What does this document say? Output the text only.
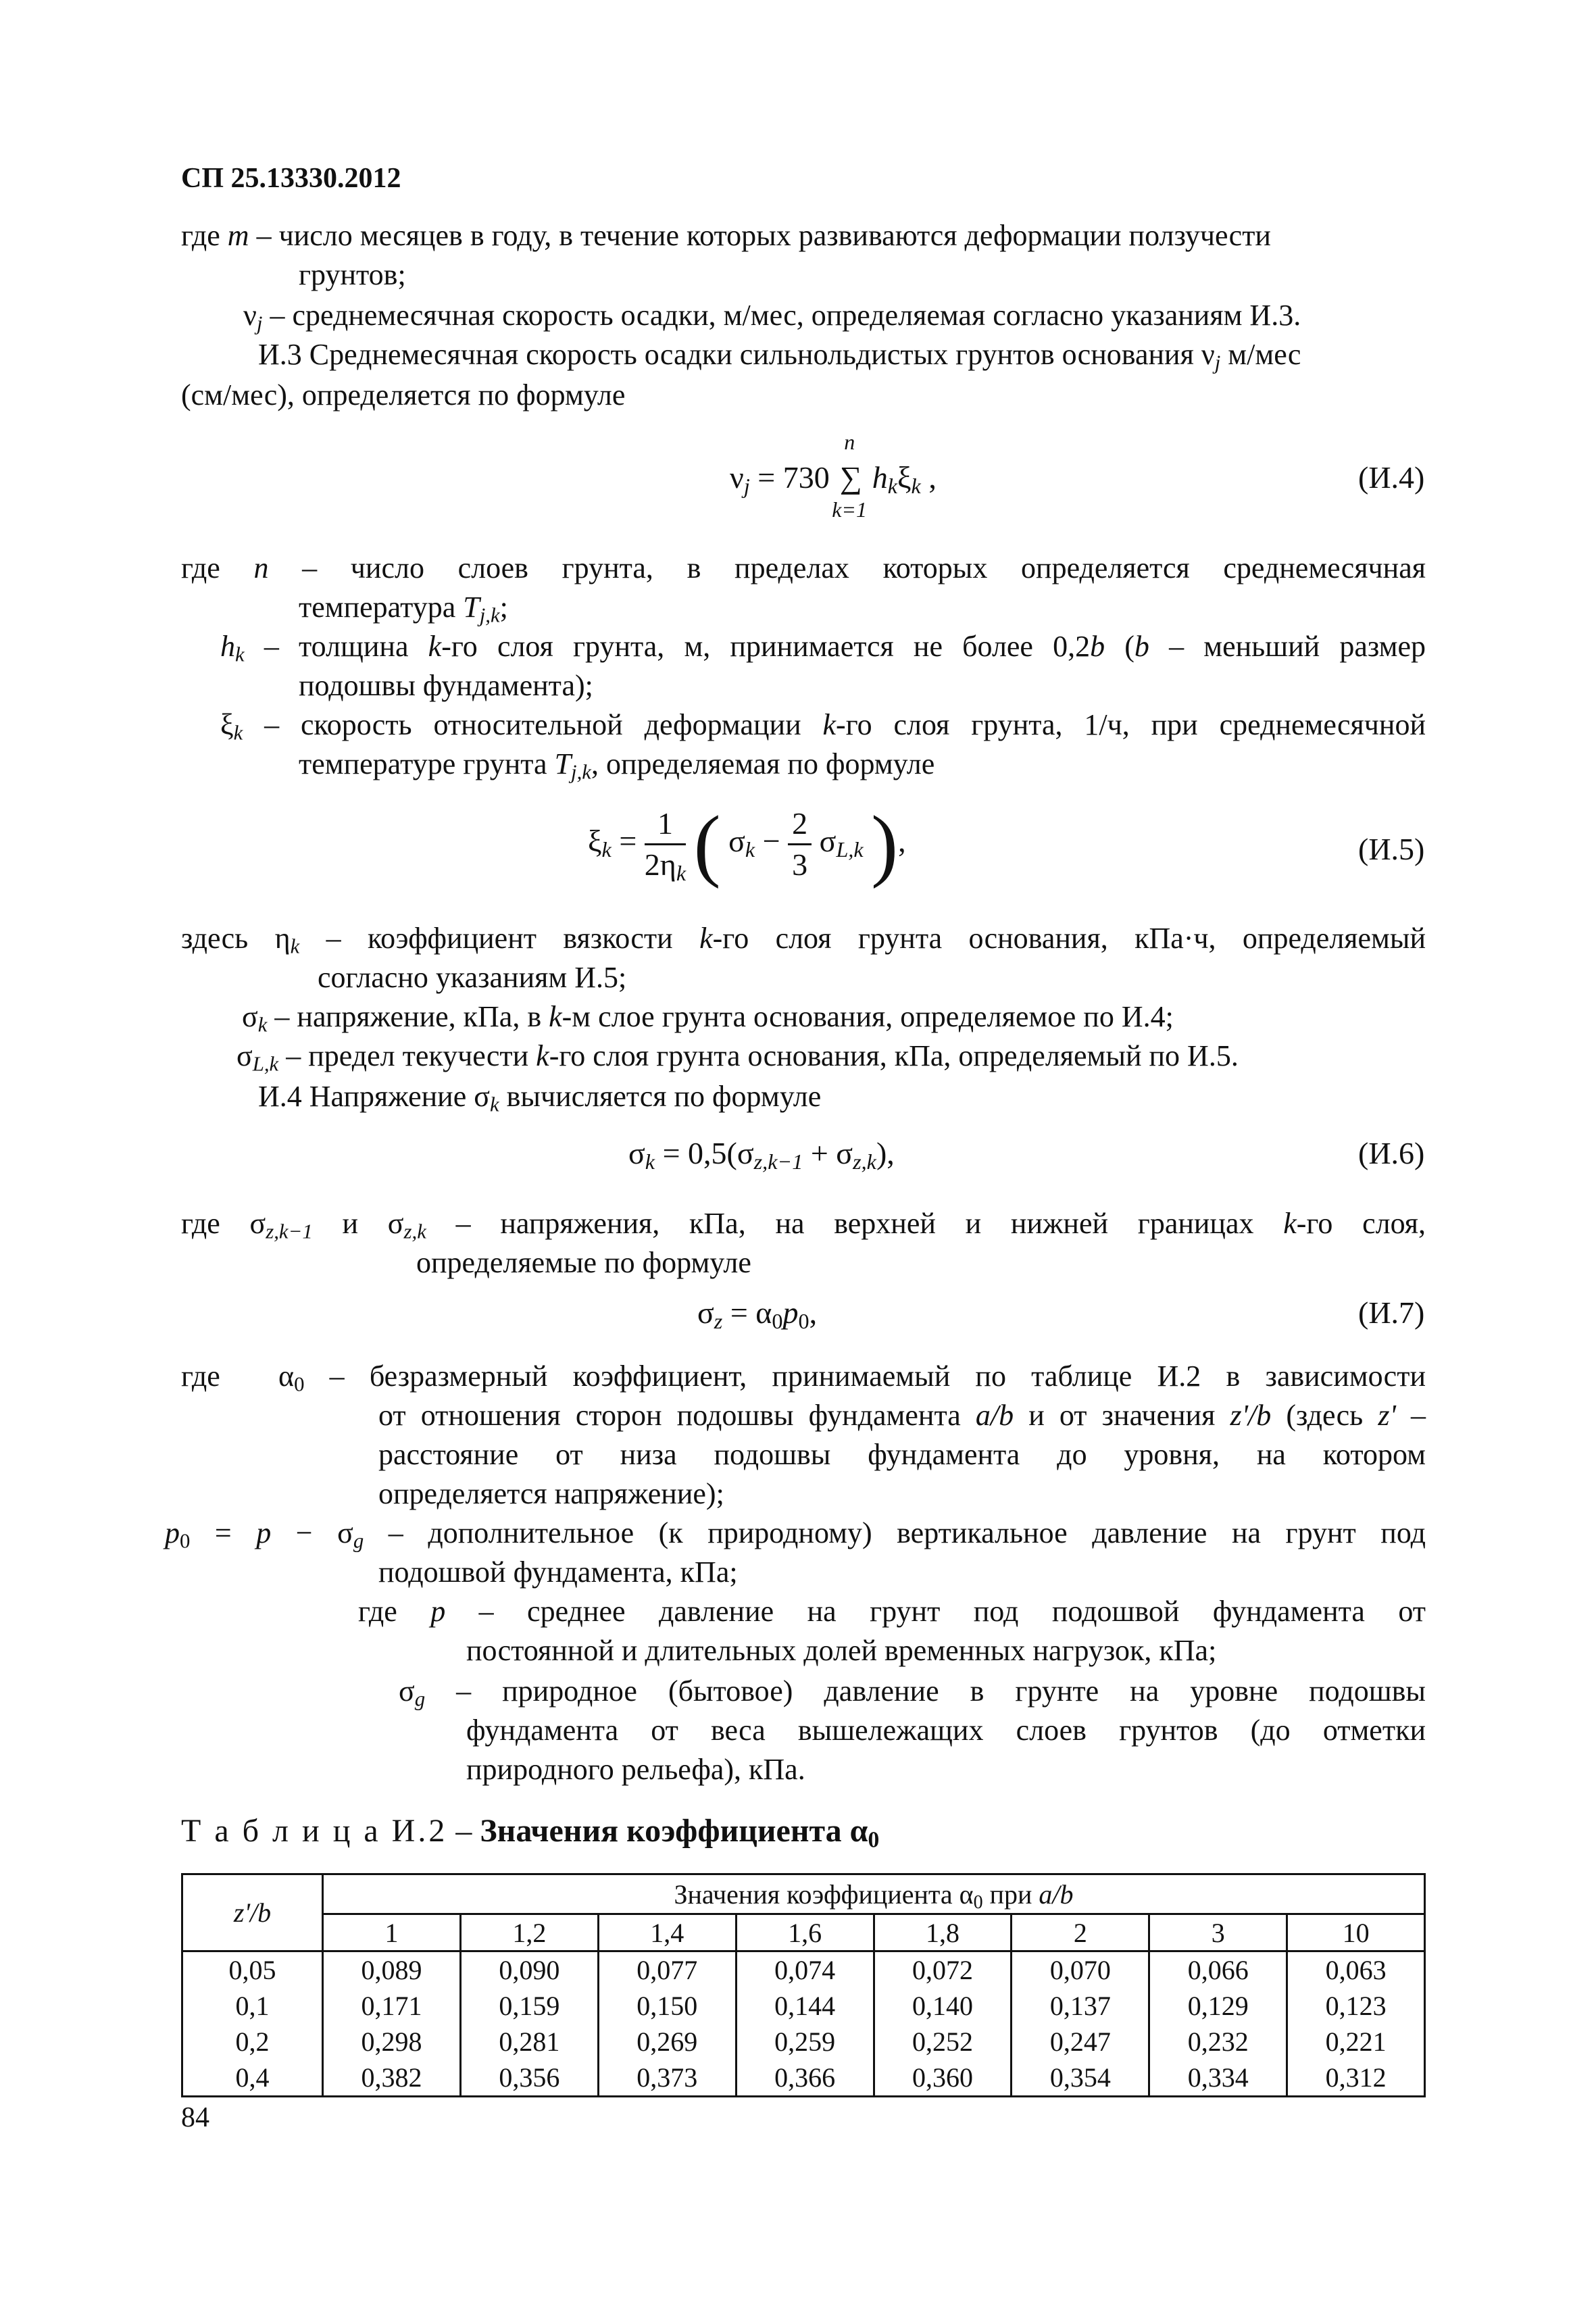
СП 25.13330.2012
где m – число месяцев в году, в течение которых развиваются деформации ползучести
грунтов;
$\nu_j$ – среднемесячная скорость осадки, м/мес, определяемая согласно указаниям И.3.
И.3 Среднемесячная скорость осадки сильнольдистых грунтов основания $\nu_j$ м/мес
(см/мес), определяется по формуле
$\nu_j = 730$
n
∑
k=1
$h_k\xi_k$ ,	(И.4)
где n – число слоев грунта, в пределах которых определяется среднемесячная
температура $T_{j,k}$;
$h_k$ – толщина k-го слоя грунта, м, принимается не более 0,2b (b – меньший размер
подошвы фундамента);
$\xi_k$ – скорость относительной деформации k-го слоя грунта, 1/ч, при среднемесячной
температуре грунта $T_{j,k}$, определяемая по формуле
$\xi_k = \frac{1}{2\eta_k}$ ( $\sigma_k - \frac{2}{3} \sigma_{L,k}$ ),	(И.5)
здесь $\eta_k$ – коэффициент вязкости k-го слоя грунта основания, кПа·ч, определяемый
согласно указаниям И.5;
$\sigma_k$ – напряжение, кПа, в k-м слое грунта основания, определяемое по И.4;
$\sigma_{L,k}$ – предел текучести k-го слоя грунта основания, кПа, определяемый по И.5.
И.4 Напряжение $\sigma_k$ вычисляется по формуле
$\sigma_k = 0,5(\sigma_{z,k-1} + \sigma_{z,k})$,	(И.6)
где $\sigma_{z,k-1}$ и $\sigma_{z,k}$ – напряжения, кПа, на верхней и нижней границах k-го слоя,
определяемые по формуле
$\sigma_z = \alpha_0p_0$,	(И.7)
где $\alpha_0$ – безразмерный коэффициент, принимаемый по таблице И.2 в зависимости
от отношения сторон подошвы фундамента a/b и от значения z'/b (здесь z' –
расстояние от низа подошвы фундамента до уровня, на котором
определяется напряжение);
$p_0 = p - \sigma_g$ – дополнительное (к природному) вертикальное давление на грунт под
подошвой фундамента, кПа;
где p – среднее давление на грунт под подошвой фундамента от
постоянной и длительных долей временных нагрузок, кПа;
$\sigma_g$ – природное (бытовое) давление в грунте на уровне подошвы
фундамента от веса вышележащих слоев грунтов (до отметки
природного рельефа), кПа.
Т а б л и ц а И.2 – Значения коэффициента $\alpha_0$
z'/b	Значения коэффициента $\alpha_0$ при a/b							
	1	1,2	1,4	1,6	1,8	2	3	10
0,05	0,089	0,090	0,077	0,074	0,072	0,070	0,066	0,063
0,1	0,171	0,159	0,150	0,144	0,140	0,137	0,129	0,123
0,2	0,298	0,281	0,269	0,259	0,252	0,247	0,232	0,221
0,4	0,382	0,356	0,373	0,366	0,360	0,354	0,334	0,312
84
